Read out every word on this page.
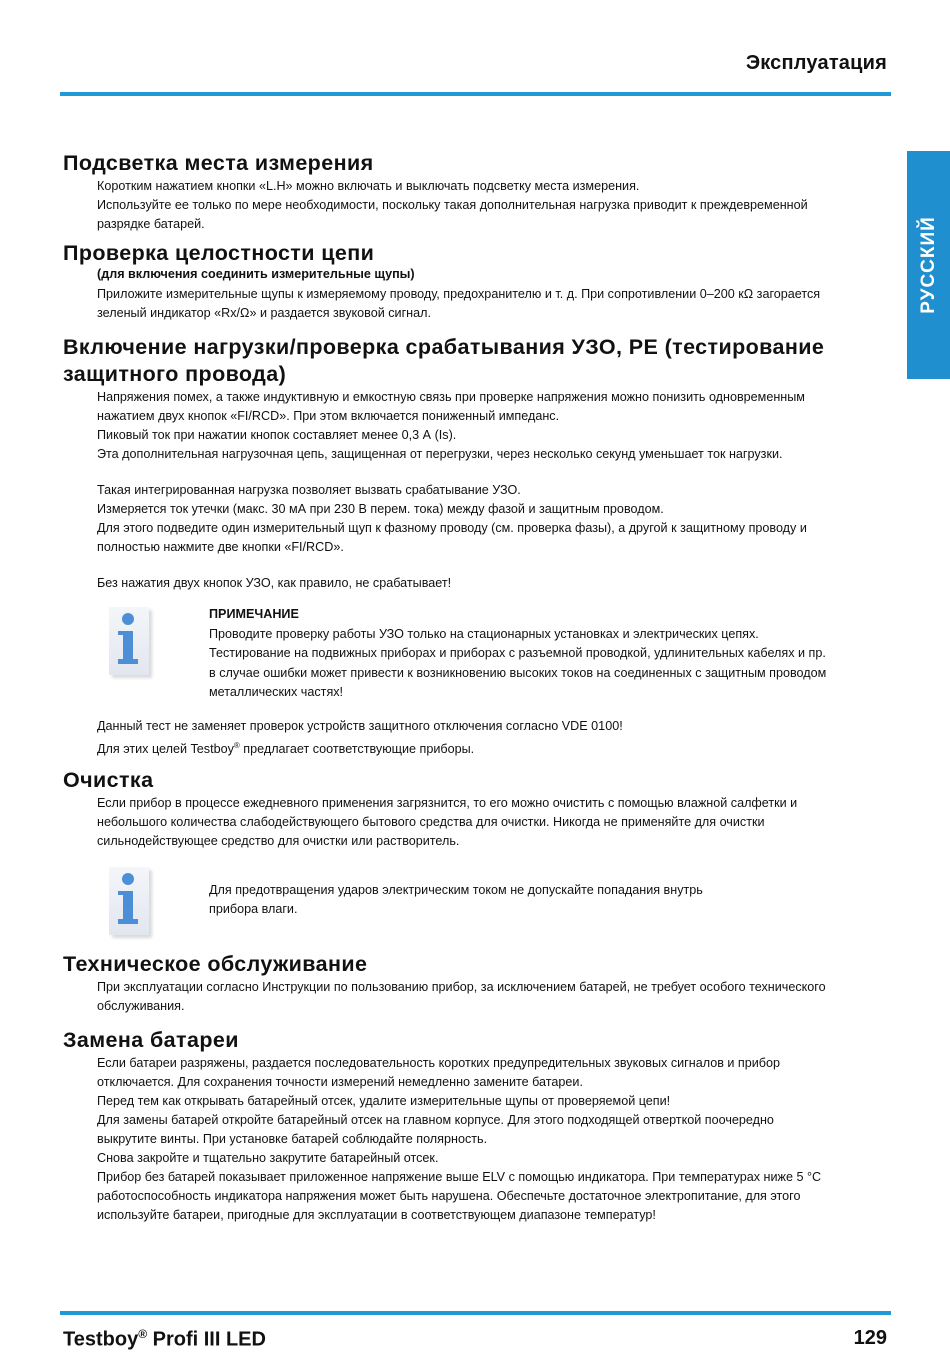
Эксплуатация
РУССКИЙ
Подсветка места измерения

Коротким нажатием кнопки «L.H» можно включать и выключать подсветку места измерения.

Используйте ее только по мере необходимости, поскольку такая дополнительная нагрузка приводит к преждевременной

разрядке батарей.

Проверка целостности цепи

(для включения соединить измерительные щупы)

Приложите измерительные щупы к измеряемому проводу, предохранителю и т. д. При сопротивлении 0–200 кΩ загорается

зеленый индикатор «Rx/Ω» и раздается звуковой сигнал.

Включение нагрузки/проверка срабатывания УЗО, PE (тестирование
защитного провода)

Напряжения помех, а также индуктивную и емкостную связь при проверке напряжения можно понизить одновременным

нажатием двух кнопок «FI/RCD». При этом включается пониженный импеданс.

Пиковый ток при нажатии кнопок составляет менее 0,3 А (Is).

Эта дополнительная нагрузочная цепь, защищенная от перегрузки, через несколько секунд уменьшает ток нагрузки.

Такая интегрированная нагрузка позволяет вызвать срабатывание УЗО.

Измеряется ток утечки (макс. 30 мА при 230 В перем. тока) между фазой и защитным проводом.

Для этого подведите один измерительный щуп к фазному проводу (см. проверка фазы), а другой к защитному проводу и

полностью нажмите две кнопки «FI/RCD».

Без нажатия двух кнопок УЗО, как правило, не срабатывает!

ПРИМЕЧАНИЕ

Проводите проверку работы УЗО только на стационарных установках и электрических цепях.

Тестирование на подвижных приборах и приборах с разъемной проводкой, удлинительных кабелях и пр.

в случае ошибки может привести к возникновению высоких токов на соединенных с защитным проводом

металлических частях!

Данный тест не заменяет проверок устройств защитного отключения согласно VDE 0100!

Для этих целей Testboy® предлагает соответствующие приборы.

Очистка

Если прибор в процессе ежедневного применения загрязнится, то его можно очистить с помощью влажной салфетки и

небольшого количества слабодействующего бытового средства для очистки. Никогда не применяйте для очистки

сильнодействующее средство для очистки или растворитель.

Для предотвращения ударов электрическим током не допускайте попадания внутрь

прибора влаги.

Техническое обслуживание

При эксплуатации согласно Инструкции по пользованию прибор, за исключением батарей, не требует особого технического

обслуживания.

Замена батареи

Если батареи разряжены, раздается последовательность коротких предупредительных звуковых сигналов и прибор

отключается. Для сохранения точности измерений немедленно замените батареи.

Перед тем как открывать батарейный отсек, удалите измерительные щупы от проверяемой цепи!

Для замены батарей откройте батарейный отсек на главном корпусе. Для этого подходящей отверткой поочередно

выкрутите винты. При установке батарей соблюдайте полярность.

Снова закройте и тщательно закрутите батарейный отсек.

Прибор без батарей показывает приложенное напряжение выше ELV с помощью индикатора. При температурах ниже 5 °C

работоспособность индикатора напряжения может быть нарушена. Обеспечьте достаточное электропитание, для этого

используйте батареи, пригодные для эксплуатации в соответствующем диапазоне температур!

Testboy® Profi III LED	129
